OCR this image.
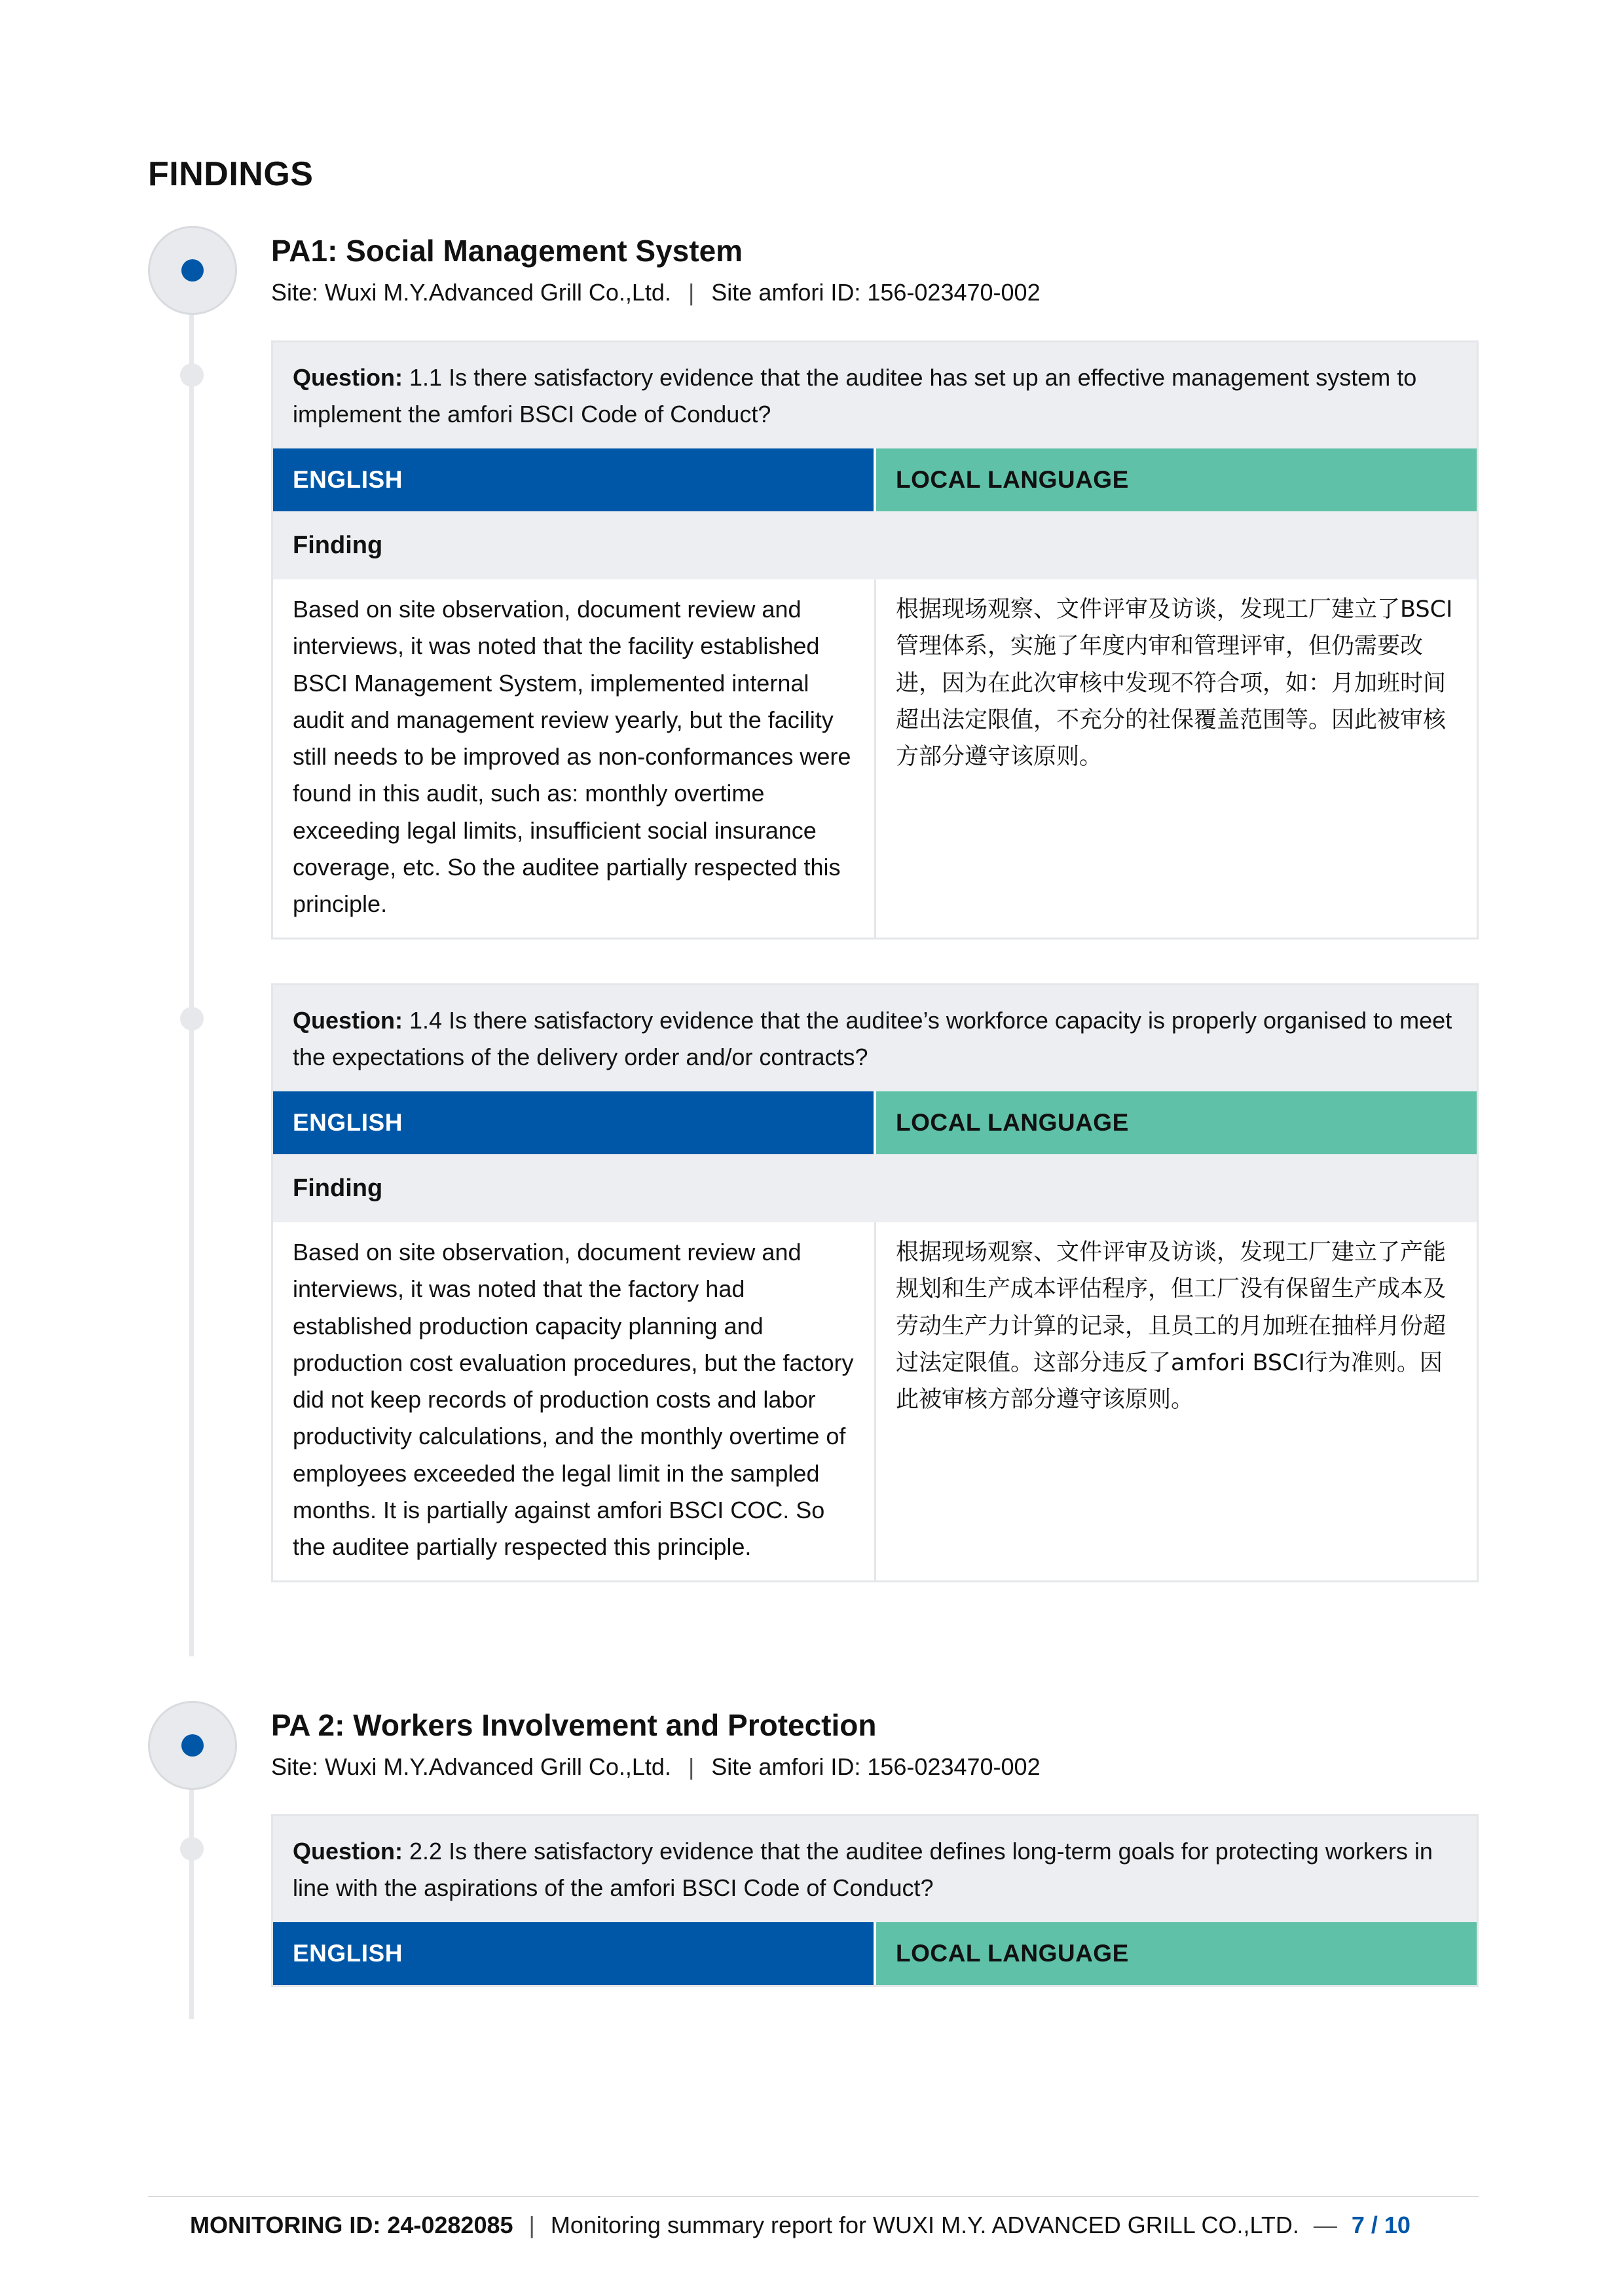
FINDINGS
PA1: Social Management System
Site: Wuxi M.Y.Advanced Grill Co.,Ltd. | Site amfori ID: 156-023470-002
Question: 1.1 Is there satisfactory evidence that the auditee has set up an effective management system to implement the amfori BSCI Code of Conduct?
ENGLISH	LOCAL LANGUAGE
Finding
Based on site observation, document review and interviews, it was noted that the facility established BSCI Management System, implemented internal audit and management review yearly, but the facility still needs to be improved as non-conformances were found in this audit, such as: monthly overtime exceeding legal limits, insufficient social insurance coverage, etc. So the auditee partially respected this principle.
根据现场观察、文件评审及访谈，发现工厂建立了BSCI管理体系，实施了年度内审和管理评审，但仍需要改进，因为在此次审核中发现不符合项，如：月加班时间超出法定限值，不充分的社保覆盖范围等。因此被审核方部分遵守该原则。
Question: 1.4 Is there satisfactory evidence that the auditee’s workforce capacity is properly organised to meet the expectations of the delivery order and/or contracts?
ENGLISH	LOCAL LANGUAGE
Finding
Based on site observation, document review and interviews, it was noted that the factory had established production capacity planning and production cost evaluation procedures, but the factory did not keep records of production costs and labor productivity calculations, and the monthly overtime of employees exceeded the legal limit in the sampled months. It is partially against amfori BSCI COC. So the auditee partially respected this principle.
根据现场观察、文件评审及访谈，发现工厂建立了产能规划和生产成本评估程序，但工厂没有保留生产成本及劳动生产力计算的记录，且员工的月加班在抽样月份超过法定限值。这部分违反了amfori BSCI行为准则。因此被审核方部分遵守该原则。
PA 2: Workers Involvement and Protection
Site: Wuxi M.Y.Advanced Grill Co.,Ltd. | Site amfori ID: 156-023470-002
Question: 2.2 Is there satisfactory evidence that the auditee defines long-term goals for protecting workers in line with the aspirations of the amfori BSCI Code of Conduct?
ENGLISH	LOCAL LANGUAGE
MONITORING ID: 24-0282085 | Monitoring summary report for WUXI M.Y. ADVANCED GRILL CO.,LTD. — 7 / 10
